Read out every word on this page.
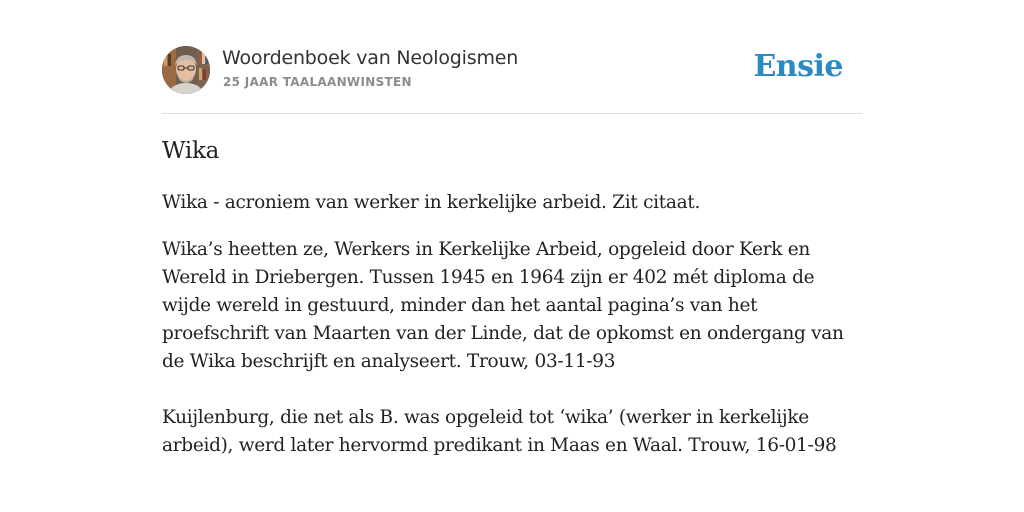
Woordenboek van Neologismen
25 JAAR TAALAANWINSTEN	Ensie
Wika
Wika - acroniem van werker in kerkelijke arbeid. Zit citaat.

Wika’s heetten ze, Werkers in Kerkelijke Arbeid, opgeleid door Kerk en Wereld in Driebergen. Tussen 1945 en 1964 zijn er 402 mét diploma de wijde wereld in gestuurd, minder dan het aantal pagina’s van het proefschrift van Maarten van der Linde, dat de opkomst en ondergang van de Wika beschrijft en analyseert. Trouw, 03-11-93

Kuijlenburg, die net als B. was opgeleid tot ‘wika’ (werker in kerkelijke arbeid), werd later hervormd predikant in Maas en Waal. Trouw, 16-01-98
